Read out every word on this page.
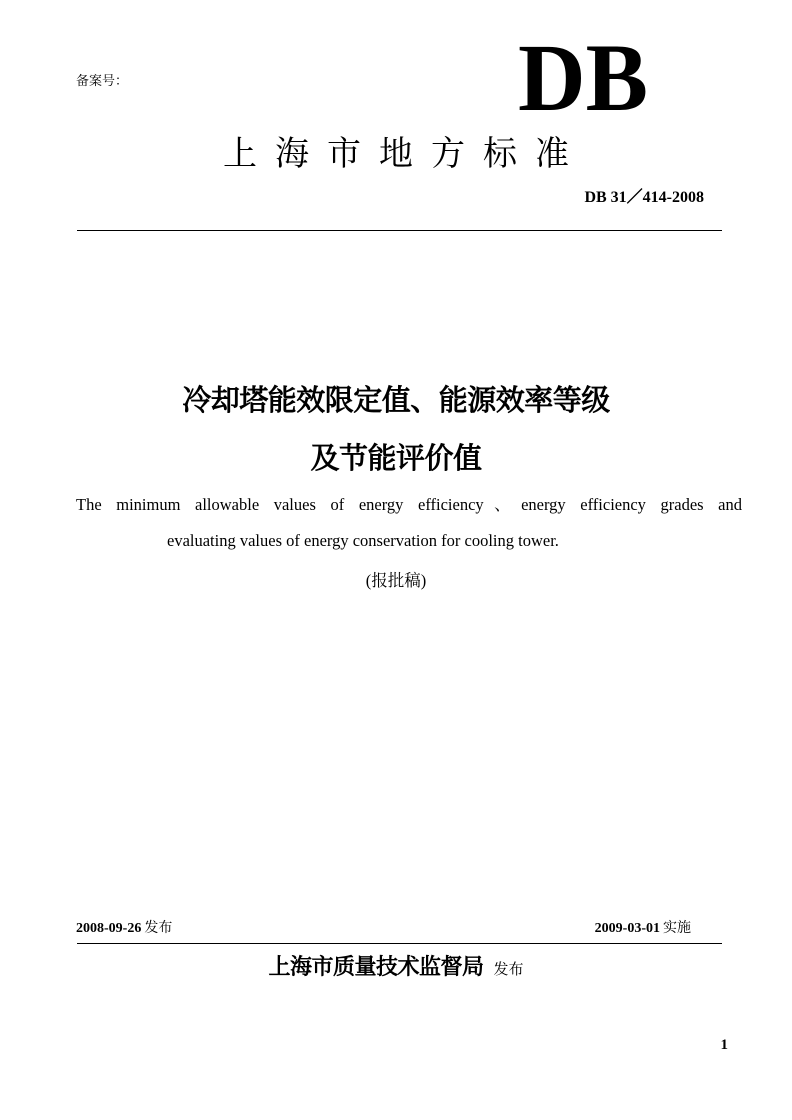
备案号：	DB
上海市地方标准
DB 31／414-2008
冷却塔能效限定值、能源效率等级
及节能评价值
The minimum allowable values of energy efficiency、energy efficiency grades and
evaluating values of energy conservation for cooling tower.
(报批稿)
2008-09-26 发布	2009-03-01 实施
上海市质量技术监督局 发布
1
